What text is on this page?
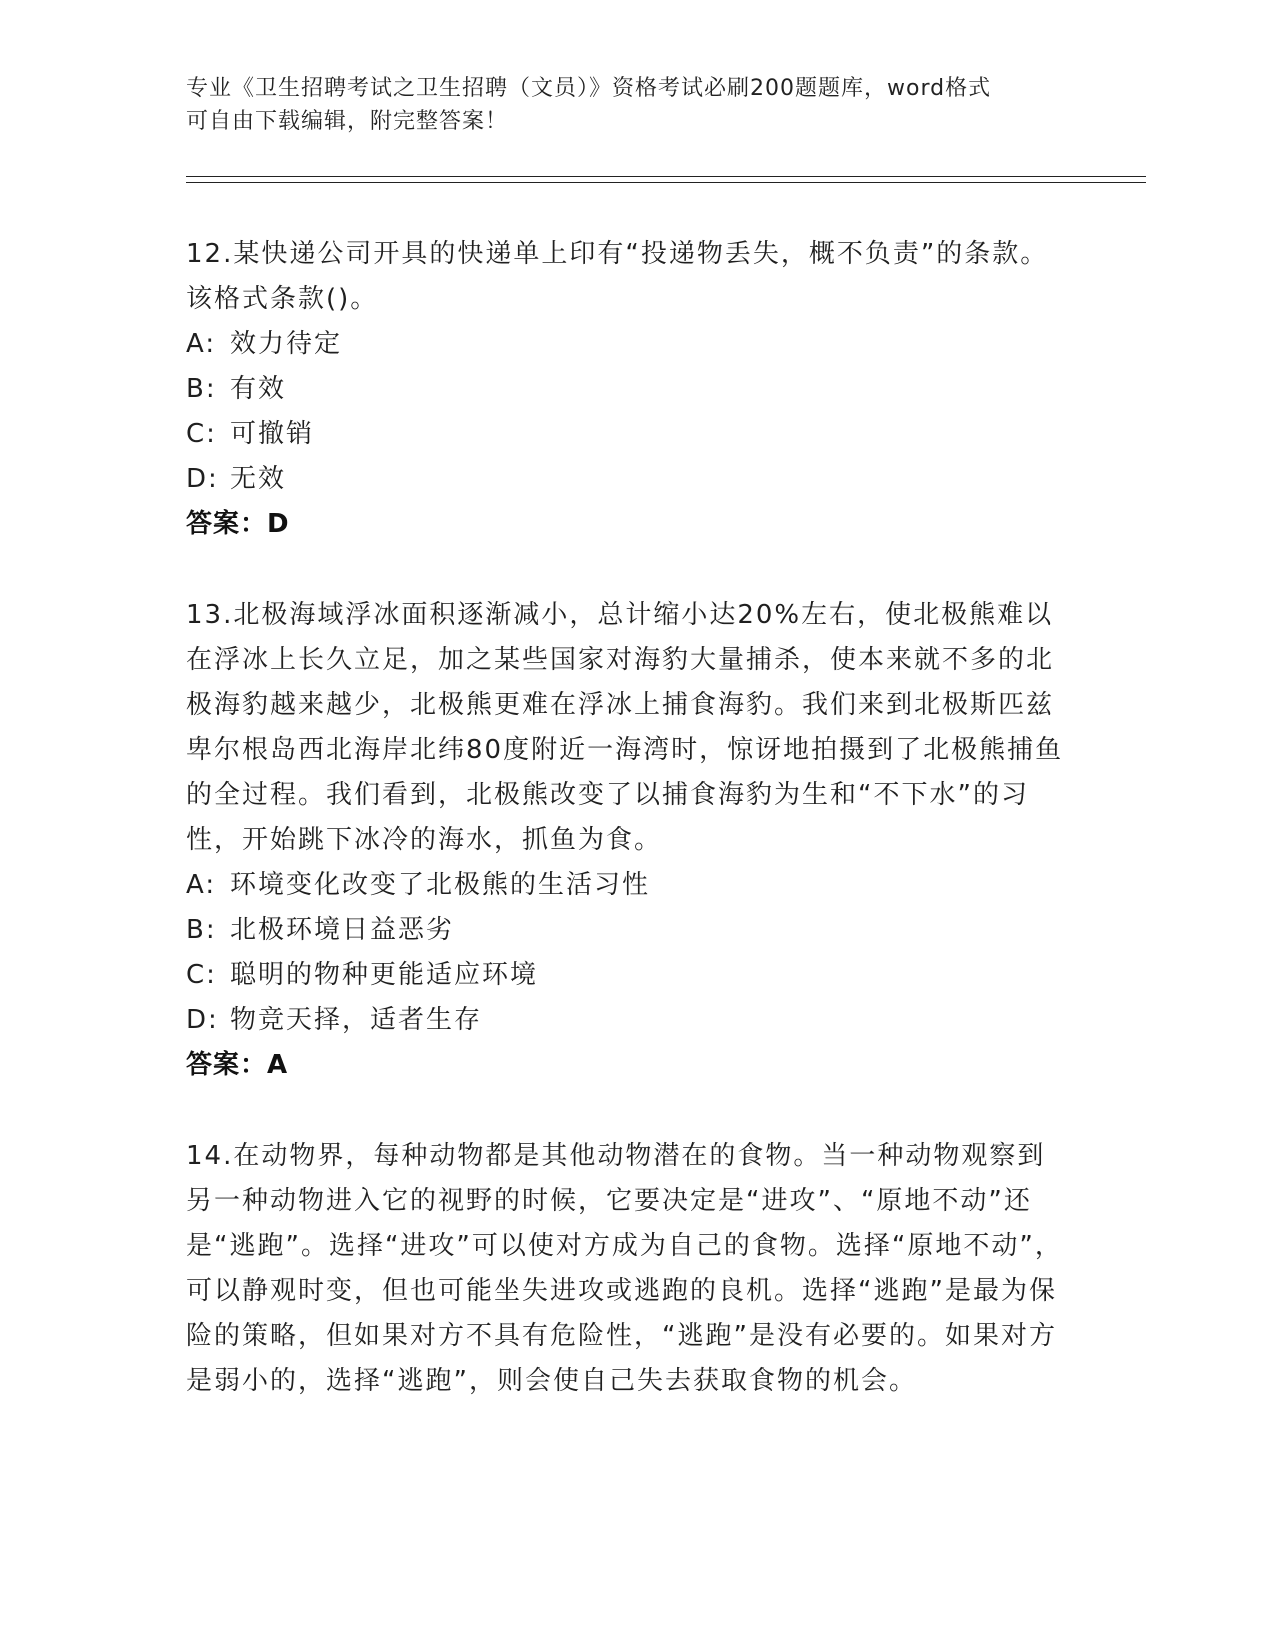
专业《卫生招聘考试之卫生招聘（文员）》资格考试必刷200题题库，word格式

可自由下载编辑，附完整答案！

12.某快递公司开具的快递单上印有“投递物丢失，概不负责”的条款。该格式条款()。

A: 效力待定

B: 有效

C: 可撤销

D: 无效

答案：D

13.北极海域浮冰面积逐渐减小，总计缩小达20%左右，使北极熊难以在浮冰上长久立足，加之某些国家对海豹大量捕杀，使本来就不多的北极海豹越来越少，北极熊更难在浮冰上捕食海豹。我们来到北极斯匹兹卑尔根岛西北海岸北纬80度附近一海湾时，惊讶地拍摄到了北极熊捕鱼的全过程。我们看到，北极熊改变了以捕食海豹为生和“不下水”的习性，开始跳下冰冷的海水，抓鱼为食。

A: 环境变化改变了北极熊的生活习性

B: 北极环境日益恶劣

C: 聪明的物种更能适应环境

D: 物竞天择，适者生存

答案：A

14.在动物界，每种动物都是其他动物潜在的食物。当一种动物观察到另一种动物进入它的视野的时候，它要决定是“进攻”、“原地不动”还是“逃跑”。选择“进攻”可以使对方成为自己的食物。选择“原地不动”，可以静观时变，但也可能坐失进攻或逃跑的良机。选择“逃跑”是最为保险的策略，但如果对方不具有危险性，“逃跑”是没有必要的。如果对方是弱小的，选择“逃跑”，则会使自己失去获取食物的机会。
